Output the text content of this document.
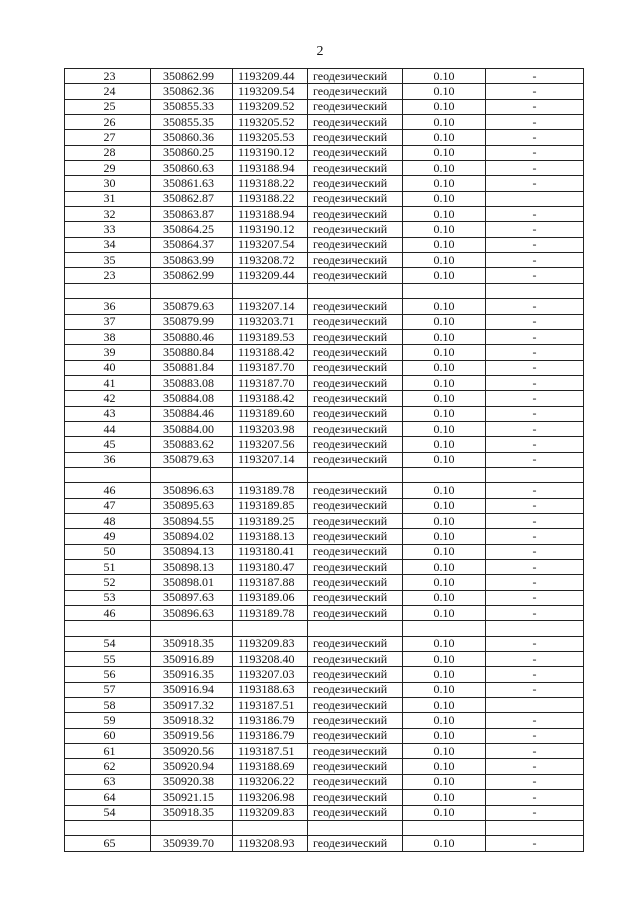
2
23	350862.99	1193209.44	геодезический	0.10	-
24	350862.36	1193209.54	геодезический	0.10	-
25	350855.33	1193209.52	геодезический	0.10	-
26	350855.35	1193205.52	геодезический	0.10	-
27	350860.36	1193205.53	геодезический	0.10	-
28	350860.25	1193190.12	геодезический	0.10	-
29	350860.63	1193188.94	геодезический	0.10	-
30	350861.63	1193188.22	геодезический	0.10	-
31	350862.87	1193188.22	геодезический	0.10	
32	350863.87	1193188.94	геодезический	0.10	-
33	350864.25	1193190.12	геодезический	0.10	-
34	350864.37	1193207.54	геодезический	0.10	-
35	350863.99	1193208.72	геодезический	0.10	-
23	350862.99	1193209.44	геодезический	0.10	-

36	350879.63	1193207.14	геодезический	0.10	-
37	350879.99	1193203.71	геодезический	0.10	-
38	350880.46	1193189.53	геодезический	0.10	-
39	350880.84	1193188.42	геодезический	0.10	-
40	350881.84	1193187.70	геодезический	0.10	-
41	350883.08	1193187.70	геодезический	0.10	-
42	350884.08	1193188.42	геодезический	0.10	-
43	350884.46	1193189.60	геодезический	0.10	-
44	350884.00	1193203.98	геодезический	0.10	-
45	350883.62	1193207.56	геодезический	0.10	-
36	350879.63	1193207.14	геодезический	0.10	-

46	350896.63	1193189.78	геодезический	0.10	-
47	350895.63	1193189.85	геодезический	0.10	-
48	350894.55	1193189.25	геодезический	0.10	-
49	350894.02	1193188.13	геодезический	0.10	-
50	350894.13	1193180.41	геодезический	0.10	-
51	350898.13	1193180.47	геодезический	0.10	-
52	350898.01	1193187.88	геодезический	0.10	-
53	350897.63	1193189.06	геодезический	0.10	-
46	350896.63	1193189.78	геодезический	0.10	-

54	350918.35	1193209.83	геодезический	0.10	-
55	350916.89	1193208.40	геодезический	0.10	-
56	350916.35	1193207.03	геодезический	0.10	-
57	350916.94	1193188.63	геодезический	0.10	-
58	350917.32	1193187.51	геодезический	0.10	
59	350918.32	1193186.79	геодезический	0.10	-
60	350919.56	1193186.79	геодезический	0.10	-
61	350920.56	1193187.51	геодезический	0.10	-
62	350920.94	1193188.69	геодезический	0.10	-
63	350920.38	1193206.22	геодезический	0.10	-
64	350921.15	1193206.98	геодезический	0.10	-
54	350918.35	1193209.83	геодезический	0.10	-

65	350939.70	1193208.93	геодезический	0.10	-
